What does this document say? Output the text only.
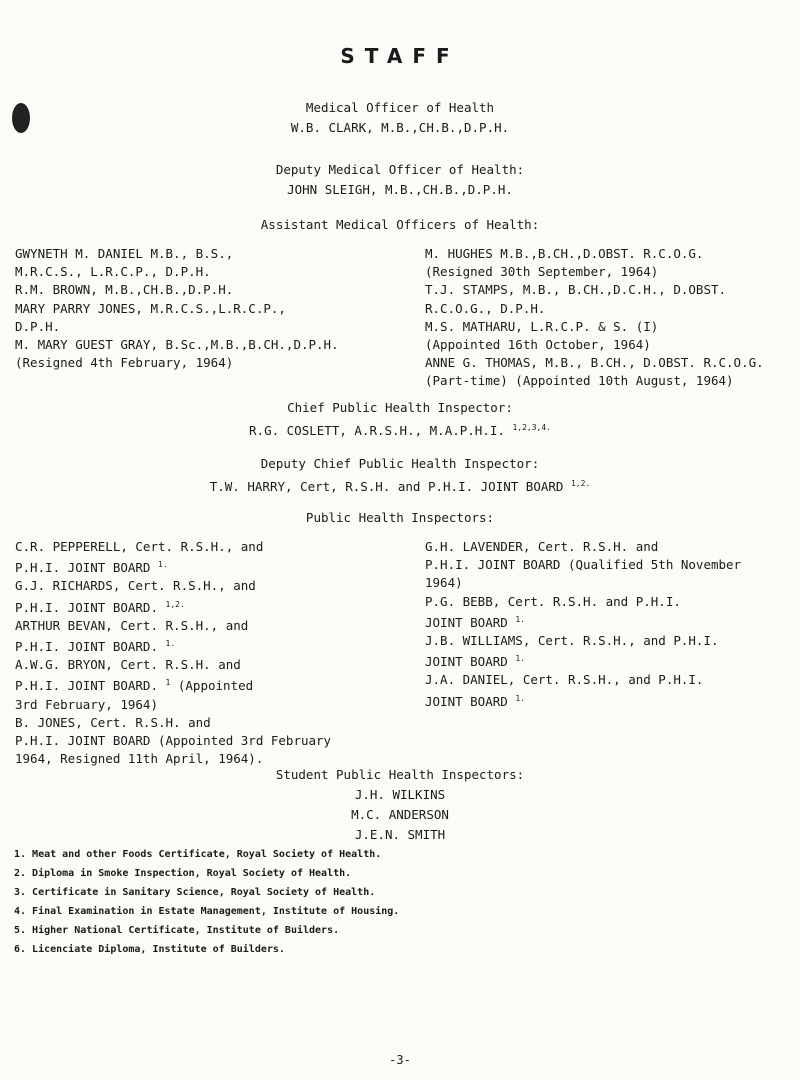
STAFF
Medical Officer of Health
W.B. CLARK, M.B.,CH.B.,D.P.H.
Deputy Medical Officer of Health:
JOHN SLEIGH, M.B.,CH.B.,D.P.H.
Assistant Medical Officers of Health:
GWYNETH M. DANIEL M.B., B.S.,
M.R.C.S., L.R.C.P., D.P.H.
R.M. BROWN, M.B.,CH.B.,D.P.H.
MARY PARRY JONES, M.R.C.S.,L.R.C.P.,
D.P.H.
M. MARY GUEST GRAY, B.Sc.,M.B.,B.CH.,D.P.H.
(Resigned 4th February, 1964)
M. HUGHES M.B.,B.CH.,D.OBST. R.C.O.G.
(Resigned 30th September, 1964)
T.J. STAMPS, M.B., B.CH.,D.C.H., D.OBST.
R.C.O.G., D.P.H.
M.S. MATHARU, L.R.C.P. & S. (I)
(Appointed 16th October, 1964)
ANNE G. THOMAS, M.B., B.CH., D.OBST. R.C.O.G.
(Part-time) (Appointed 10th August, 1964)
Chief Public Health Inspector:
R.G. COSLETT, A.R.S.H., M.A.P.H.I. $^{1,2,3,4.}$
Deputy Chief Public Health Inspector:
T.W. HARRY, Cert, R.S.H. and P.H.I. JOINT BOARD $^{1,2.}$
Public Health Inspectors:
C.R. PEPPERELL, Cert. R.S.H., and
P.H.I. JOINT BOARD $^{1.}$
G.J. RICHARDS, Cert. R.S.H., and
P.H.I. JOINT BOARD. $^{1,2.}$
ARTHUR BEVAN, Cert. R.S.H., and
P.H.I. JOINT BOARD. $^{1.}$
A.W.G. BRYON, Cert. R.S.H. and
P.H.I. JOINT BOARD. $^1$ (Appointed
3rd February, 1964)
B. JONES, Cert. R.S.H. and
P.H.I. JOINT BOARD (Appointed 3rd February
1964, Resigned 11th April, 1964).
G.H. LAVENDER, Cert. R.S.H. and
P.H.I. JOINT BOARD (Qualified 5th November
1964)
P.G. BEBB, Cert. R.S.H. and P.H.I.
JOINT BOARD $^{1.}$
J.B. WILLIAMS, Cert. R.S.H., and P.H.I.
JOINT BOARD $^{1.}$
J.A. DANIEL, Cert. R.S.H., and P.H.I.
JOINT BOARD $^{1.}$
Student Public Health Inspectors:
J.H. WILKINS
M.C. ANDERSON
J.E.N. SMITH
1. Meat and other Foods Certificate, Royal Society of Health.
2. Diploma in Smoke Inspection, Royal Society of Health.
3. Certificate in Sanitary Science, Royal Society of Health.
4. Final Examination in Estate Management, Institute of Housing.
5. Higher National Certificate, Institute of Builders.
6. Licenciate Diploma, Institute of Builders.
-3-
